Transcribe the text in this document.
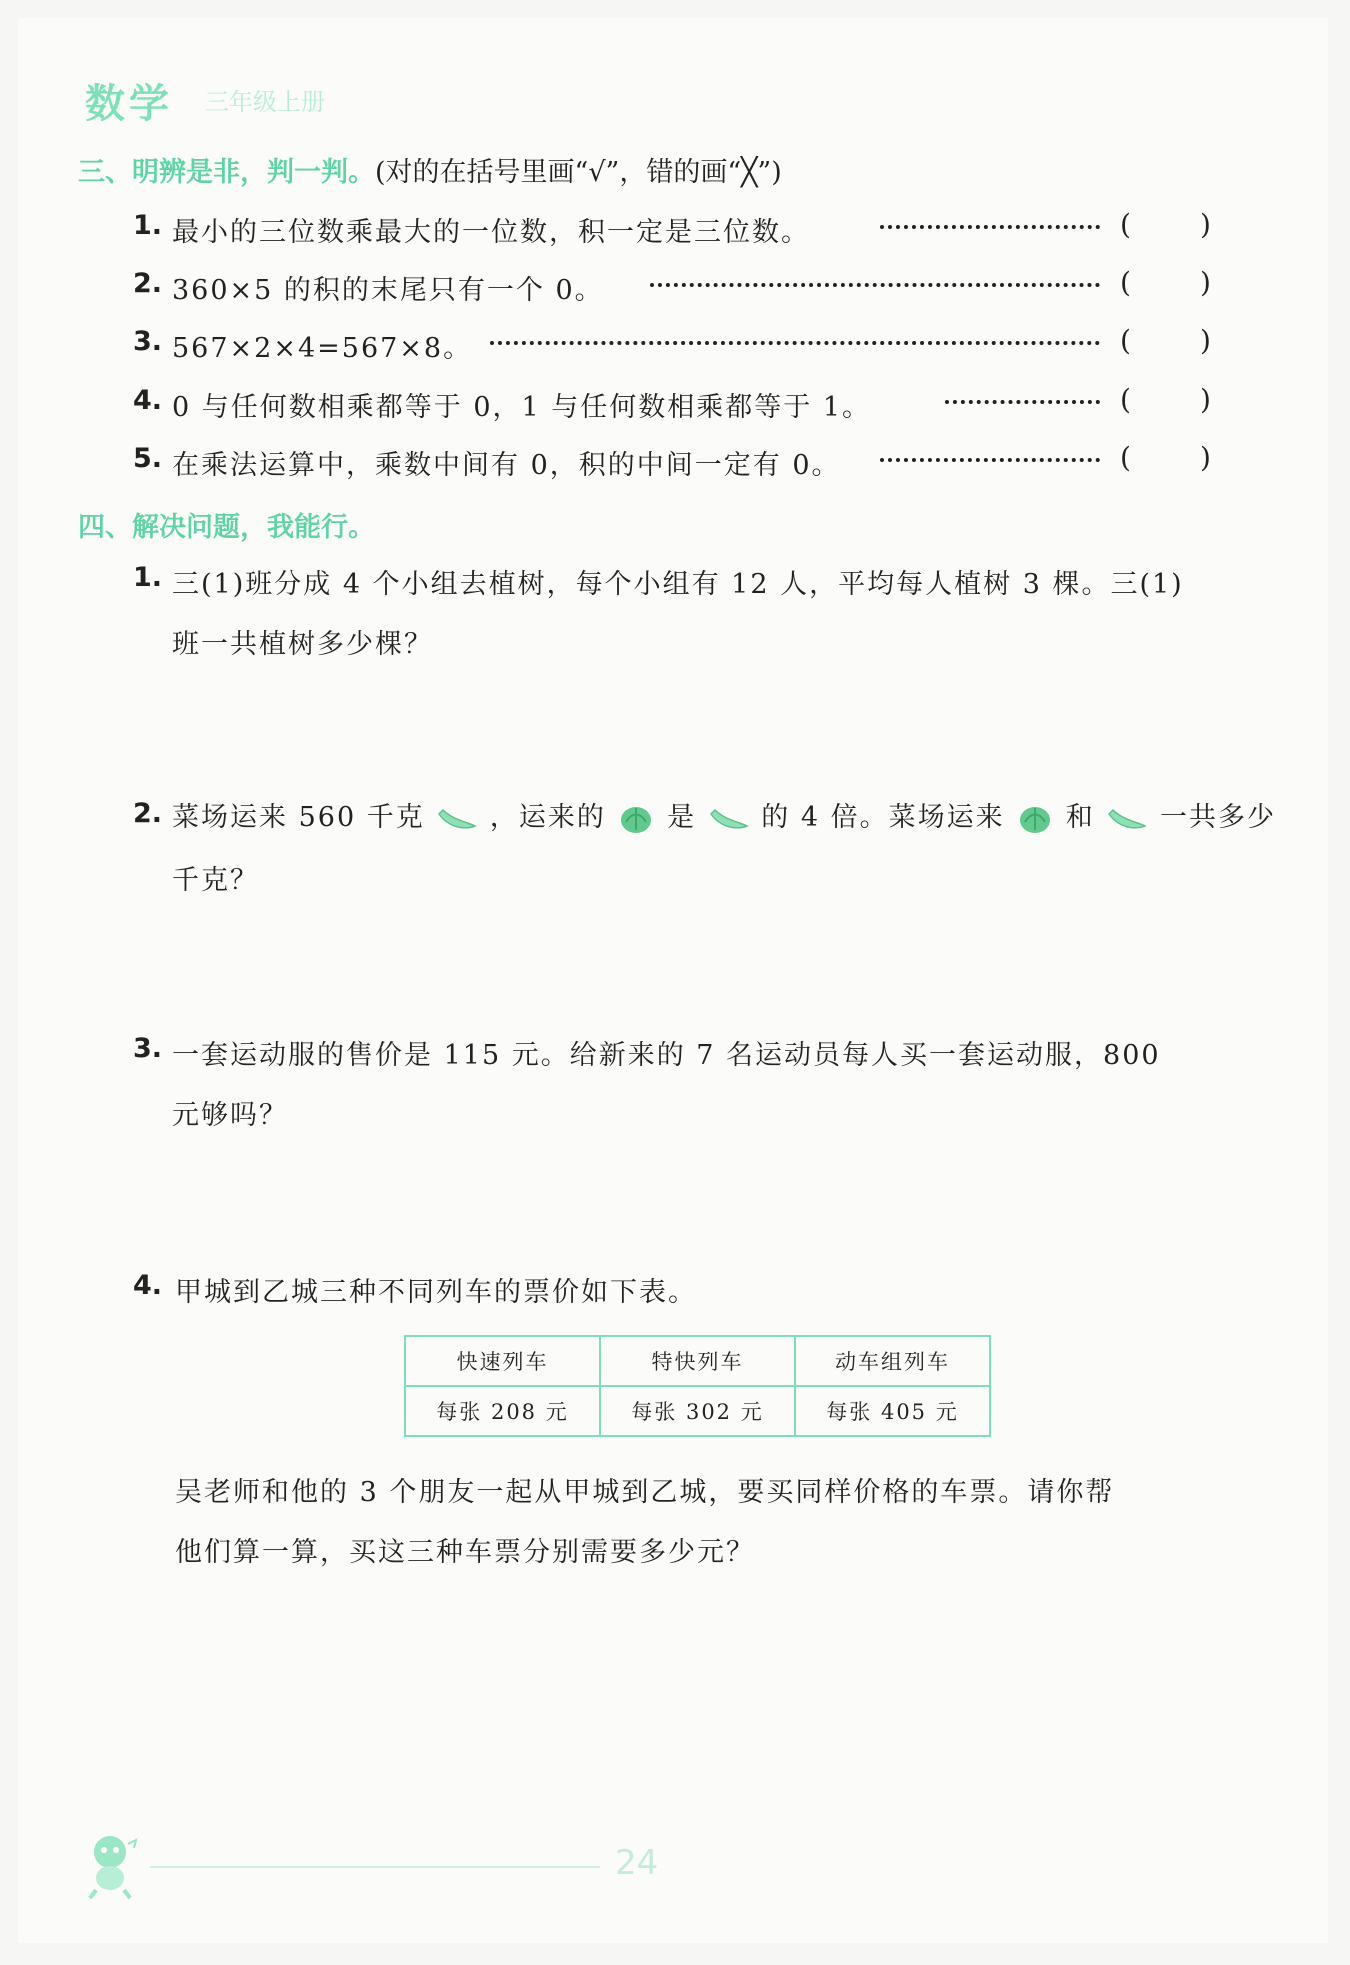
数学 三年级上册
三、明辨是非，判一判。(对的在括号里画“√”，错的画“╳”)
1. 最小的三位数乘最大的一位数，积一定是三位数。	( )
2. 360×5 的积的末尾只有一个 0。	( )
3. 567×2×4=567×8。	( )
4. 0 与任何数相乘都等于 0，1 与任何数相乘都等于 1。	( )
5. 在乘法运算中，乘数中间有 0，积的中间一定有 0。	( )
四、解决问题，我能行。
1. 三(1)班分成 4 个小组去植树，每个小组有 12 人，平均每人植树 3 棵。三(1)
班一共植树多少棵？
2. 菜场运来 560 千克 ，运来的 是 的 4 倍。菜场运来 和 一共多少
千克？
3. 一套运动服的售价是 115 元。给新来的 7 名运动员每人买一套运动服，800
元够吗？
4. 甲城到乙城三种不同列车的票价如下表。
快速列车	特快列车	动车组列车
每张 208 元	每张 302 元	每张 405 元
吴老师和他的 3 个朋友一起从甲城到乙城，要买同样价格的车票。请你帮
他们算一算，买这三种车票分别需要多少元？
24
